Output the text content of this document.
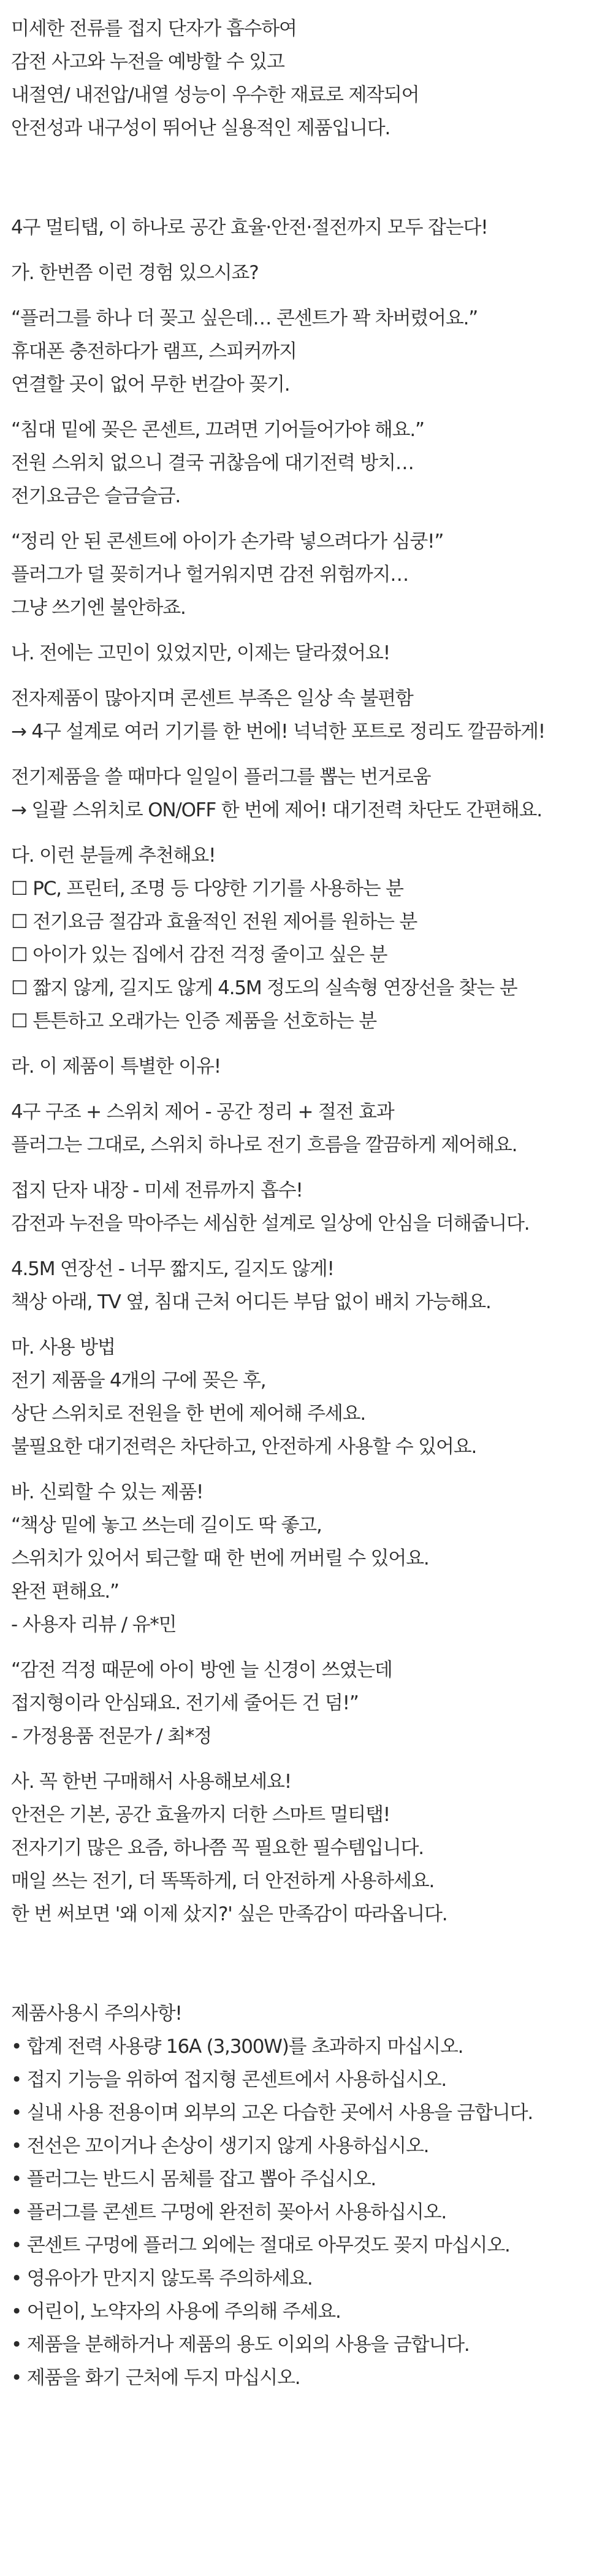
미세한 전류를 접지 단자가 흡수하여
감전 사고와 누전을 예방할 수 있고
내절연/ 내전압/내열 성능이 우수한 재료로 제작되어
안전성과 내구성이 뛰어난 실용적인 제품입니다.
4구 멀티탭, 이 하나로 공간 효율·안전·절전까지 모두 잡는다!
가. 한번쯤 이런 경험 있으시죠?
“플러그를 하나 더 꽂고 싶은데… 콘센트가 꽉 차버렸어요.”
휴대폰 충전하다가 램프, 스피커까지
연결할 곳이 없어 무한 번갈아 꽂기.
“침대 밑에 꽂은 콘센트, 끄려면 기어들어가야 해요.”
전원 스위치 없으니 결국 귀찮음에 대기전력 방치…
전기요금은 슬금슬금.
“정리 안 된 콘센트에 아이가 손가락 넣으려다가 심쿵!”
플러그가 덜 꽂히거나 헐거워지면 감전 위험까지…
그냥 쓰기엔 불안하죠.
나. 전에는 고민이 있었지만, 이제는 달라졌어요!
전자제품이 많아지며 콘센트 부족은 일상 속 불편함
→ 4구 설계로 여러 기기를 한 번에! 넉넉한 포트로 정리도 깔끔하게!
전기제품을 쓸 때마다 일일이 플러그를 뽑는 번거로움
→ 일괄 스위치로 ON/OFF 한 번에 제어! 대기전력 차단도 간편해요.
다. 이런 분들께 추천해요!
☐ PC, 프린터, 조명 등 다양한 기기를 사용하는 분
☐ 전기요금 절감과 효율적인 전원 제어를 원하는 분
☐ 아이가 있는 집에서 감전 걱정 줄이고 싶은 분
☐ 짧지 않게, 길지도 않게 4.5M 정도의 실속형 연장선을 찾는 분
☐ 튼튼하고 오래가는 인증 제품을 선호하는 분
라. 이 제품이 특별한 이유!
4구 구조 + 스위치 제어 - 공간 정리 + 절전 효과
플러그는 그대로, 스위치 하나로 전기 흐름을 깔끔하게 제어해요.
접지 단자 내장 - 미세 전류까지 흡수!
감전과 누전을 막아주는 세심한 설계로 일상에 안심을 더해줍니다.
4.5M 연장선 - 너무 짧지도, 길지도 않게!
책상 아래, TV 옆, 침대 근처 어디든 부담 없이 배치 가능해요.
마. 사용 방법
전기 제품을 4개의 구에 꽂은 후,
상단 스위치로 전원을 한 번에 제어해 주세요.
불필요한 대기전력은 차단하고, 안전하게 사용할 수 있어요.
바. 신뢰할 수 있는 제품!
“책상 밑에 놓고 쓰는데 길이도 딱 좋고,
스위치가 있어서 퇴근할 때 한 번에 꺼버릴 수 있어요.
완전 편해요.”
- 사용자 리뷰 / 유*민
“감전 걱정 때문에 아이 방엔 늘 신경이 쓰였는데
접지형이라 안심돼요. 전기세 줄어든 건 덤!”
- 가정용품 전문가 / 최*정
사. 꼭 한번 구매해서 사용해보세요!
안전은 기본, 공간 효율까지 더한 스마트 멀티탭!
전자기기 많은 요즘, 하나쯤 꼭 필요한 필수템입니다.
매일 쓰는 전기, 더 똑똑하게, 더 안전하게 사용하세요.
한 번 써보면 '왜 이제 샀지?' 싶은 만족감이 따라옵니다.
제품사용시 주의사항!
• 합계 전력 사용량 16A (3,300W)를 초과하지 마십시오.
• 접지 기능을 위하여 접지형 콘센트에서 사용하십시오.
• 실내 사용 전용이며 외부의 고온 다습한 곳에서 사용을 금합니다.
• 전선은 꼬이거나 손상이 생기지 않게 사용하십시오.
• 플러그는 반드시 몸체를 잡고 뽑아 주십시오.
• 플러그를 콘센트 구멍에 완전히 꽂아서 사용하십시오.
• 콘센트 구멍에 플러그 외에는 절대로 아무것도 꽂지 마십시오.
• 영유아가 만지지 않도록 주의하세요.
• 어린이, 노약자의 사용에 주의해 주세요.
• 제품을 분해하거나 제품의 용도 이외의 사용을 금합니다.
• 제품을 화기 근처에 두지 마십시오.
